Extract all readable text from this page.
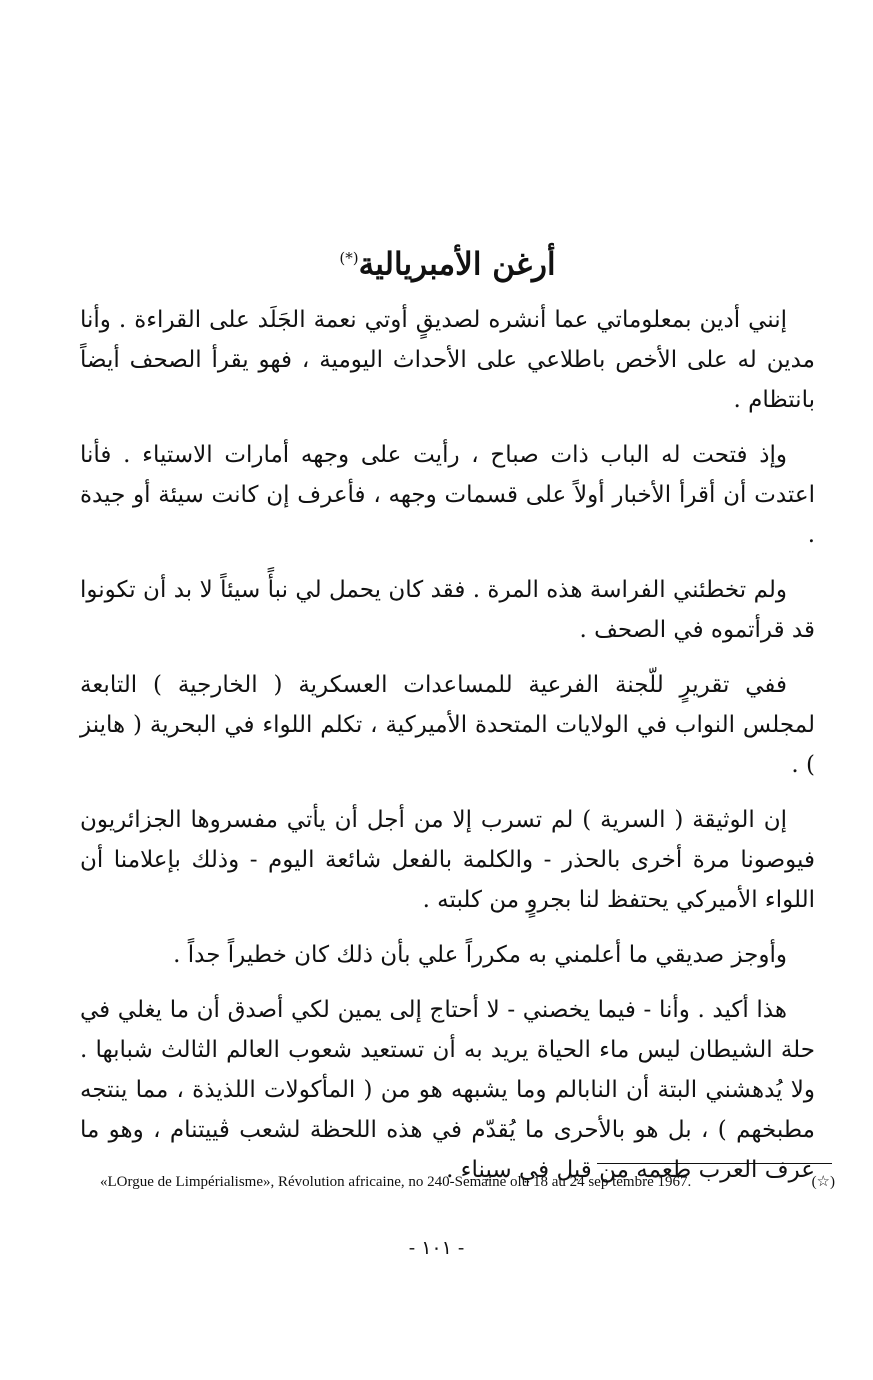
أرغن الأمبريالية(*)

إنني أدين بمعلوماتي عما أنشره لصديقٍ أوتي نعمة الجَلَد على القراءة . وأنا مدين له على الأخص باطلاعي على الأحداث اليومية ، فهو يقرأ الصحف أيضاً بانتظام .

وإذ فتحت له الباب ذات صباح ، رأيت على وجهه أمارات الاستياء . فأنا اعتدت أن أقرأ الأخبار أولاً على قسمات وجهه ، فأعرف إن كانت سيئة أو جيدة .

ولم تخطئني الفراسة هذه المرة . فقد كان يحمل لي نبأً سيئاً لا بد أن تكونوا قد قرأتموه في الصحف .

ففي تقريرٍ للّجنة الفرعية للمساعدات العسكرية ( الخارجية ) التابعة لمجلس النواب في الولايات المتحدة الأميركية ، تكلم اللواء في البحرية ( هاينز ) .

إن الوثيقة ( السرية ) لم تسرب إلا من أجل أن يأتي مفسروها الجزائريون فيوصونا مرة أخرى بالحذر - والكلمة بالفعل شائعة اليوم - وذلك بإعلامنا أن اللواء الأميركي يحتفظ لنا بجروٍ من كلبته .

وأوجز صديقي ما أعلمني به مكرراً علي بأن ذلك كان خطيراً جداً .

هذا أكيد . وأنا - فيما يخصني - لا أحتاج إلى يمين لكي أصدق أن ما يغلي في حلة الشيطان ليس ماء الحياة يريد به أن تستعيد شعوب العالم الثالث شبابها . ولا يُدهشني البتة أن النابالم وما يشبهه هو من ( المأكولات اللذيذة ، مما ينتجه مطبخهم ) ، بل هو بالأحرى ما يُقدّم في هذه اللحظة لشعب ڤييتنام ، وهو ما عرف العرب طعمه من قبل في سيناء .

(☆)
«LOrgue de Limpérialisme», Révolution africaine, no 240-Semaine olu 18 au 24 sep tembre 1967.
- ١٠١ -
